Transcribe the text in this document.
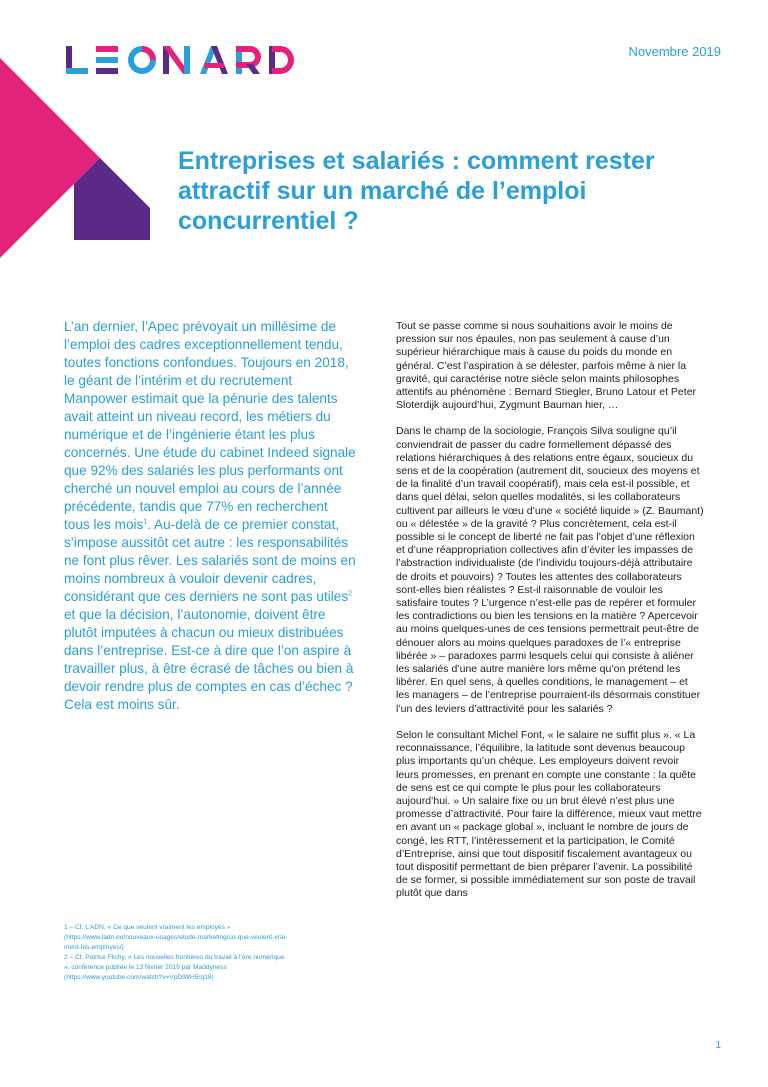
Novembre 2019
Entreprises et salariés : comment rester attractif sur un marché de l’emploi concurrentiel ?

L’an dernier, l’Apec prévoyait un millésime de l’emploi des cadres exceptionnellement tendu, toutes fonctions confondues. Toujours en 2018, le géant de l’intérim et du recrutement Manpower estimait que la pénurie des talents avait atteint un niveau record, les métiers du numérique et de l’ingénierie étant les plus concernés. Une étude du cabinet Indeed signale que 92% des salariés les plus performants ont cherché un nouvel emploi au cours de l’année précédente, tandis que 77% en recherchent tous les mois$^1$. Au-delà de ce premier constat, s’impose aussitôt cet autre : les responsabilités ne font plus rêver. Les salariés sont de moins en moins nombreux à vouloir devenir cadres, considérant que ces derniers ne sont pas utiles$^2$ et que la décision, l’autonomie, doivent être plutôt imputées à chacun ou mieux distribuées dans l’entreprise. Est-ce à dire que l’on aspire à travailler plus, à être écrasé de tâches ou bien à devoir rendre plus de comptes en cas d’échec ? Cela est moins sûr.

1 – Cf. L’ADN, « Ce que veulent vraiment les employés » (https://www.ladn.eu/nouveaux-usages/etude-marketing/ce-que-veulent-vrai-ment-les-employes/)

2 – Cf. Patrice Flichy, « Les nouvelles frontières du travail à l’ère numérique », conférence publiée le 13 février 2019 par Maddyness (https://www.youtube.com/watch?v=VpDlWH5rq18)

Tout se passe comme si nous souhaitions avoir le moins de pression sur nos épaules, non pas seulement à cause d’un supérieur hiérarchique mais à cause du poids du monde en général. C’est l’aspiration à se délester, parfois même à nier la gravité, qui caractérise notre siècle selon maints philosophes attentifs au phénomène : Bernard Stiegler, Bruno Latour et Peter Sloterdijk aujourd’hui, Zygmunt Bauman hier, …

Dans le champ de la sociologie, François Silva souligne qu’il conviendrait de passer du cadre formellement dépassé des relations hiérarchiques à des relations entre égaux, soucieux du sens et de la coopération (autrement dit, soucieux des moyens et de la finalité d’un travail coopératif), mais cela est-il possible, et dans quel délai, selon quelles modalités, si les collaborateurs cultivent par ailleurs le vœu d’une « société liquide » (Z. Baumant) ou « délestée » de la gravité ? Plus concrètement, cela est-il possible si le concept de liberté ne fait pas l’objet d’une réflexion et d’une réappropriation collectives afin d’éviter les impasses de l’abstraction individualiste (de l’individu toujours-déjà attributaire de droits et pouvoirs) ? Toutes les attentes des collaborateurs sont-elles bien réalistes ? Est-il raisonnable de vouloir les satisfaire toutes ? L’urgence n’est-elle pas de repérer et formuler les contradictions ou bien les tensions en la matière ? Apercevoir au moins quelques-unes de ces tensions permettrait peut-être de dénouer alors au moins quelques paradoxes de l’« entreprise libérée » – paradoxes parmi lesquels celui qui consiste à aliéner les salariés d’une autre manière lors même qu’on prétend les libérer. En quel sens, à quelles conditions, le management – et les managers – de l’entreprise pourraient-ils désormais constituer l’un des leviers d’attractivité pour les salariés ?

Selon le consultant Michel Font, « le salaire ne suffit plus ». « La reconnaissance, l’équilibre, la latitude sont devenus beaucoup plus importants qu’un chèque. Les employeurs doivent revoir leurs promesses, en prenant en compte une constante : la quête de sens est ce qui compte le plus pour les collaborateurs aujourd’hui. » Un salaire fixe ou un brut élevé n’est plus une promesse d’attractivité. Pour faire la différence, mieux vaut mettre en avant un « package global », incluant le nombre de jours de congé, les RTT, l’intéressement et la participation, le Comité d’Entreprise, ainsi que tout dispositif fiscalement avantageux ou tout dispositif permettant de bien préparer l’avenir. La possibilité de se former, si possible immédiatement sur son poste de travail plutôt que dans

1
